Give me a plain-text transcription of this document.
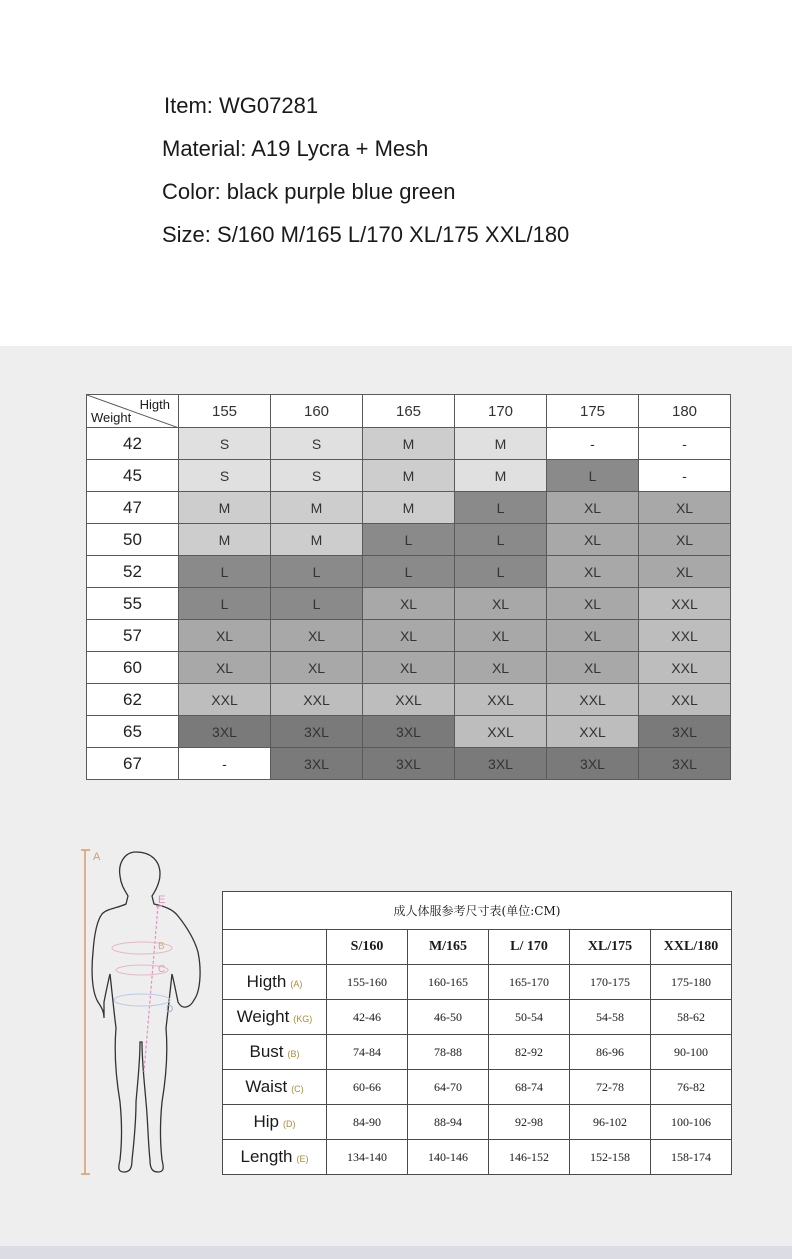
Item: WG07281
Material: A19 Lycra + Mesh
Color: black purple blue green
Size: S/160 M/165 L/170 XL/175 XXL/180
Higth
Weight	155	160	165	170	175	180
42	S	S	M	M	-	-
45	S	S	M	M	L	-
47	M	M	M	L	XL	XL
50	M	M	L	L	XL	XL
52	L	L	L	L	XL	XL
55	L	L	XL	XL	XL	XXL
57	XL	XL	XL	XL	XL	XXL
60	XL	XL	XL	XL	XL	XXL
62	XXL	XXL	XXL	XXL	XXL	XXL
65	3XL	3XL	3XL	XXL	XXL	3XL
67	-	3XL	3XL	3XL	3XL	3XL
A
E
B
C
D
成人体服参考尺寸表(单位:CM)					
	S/160	M/165	L/ 170	XL/175	XXL/180
Higth (A)	155-160	160-165	165-170	170-175	175-180
Weight (KG)	42-46	46-50	50-54	54-58	58-62
Bust (B)	74-84	78-88	82-92	86-96	90-100
Waist (C)	60-66	64-70	68-74	72-78	76-82
Hip (D)	84-90	88-94	92-98	96-102	100-106
Length (E)	134-140	140-146	146-152	152-158	158-174
